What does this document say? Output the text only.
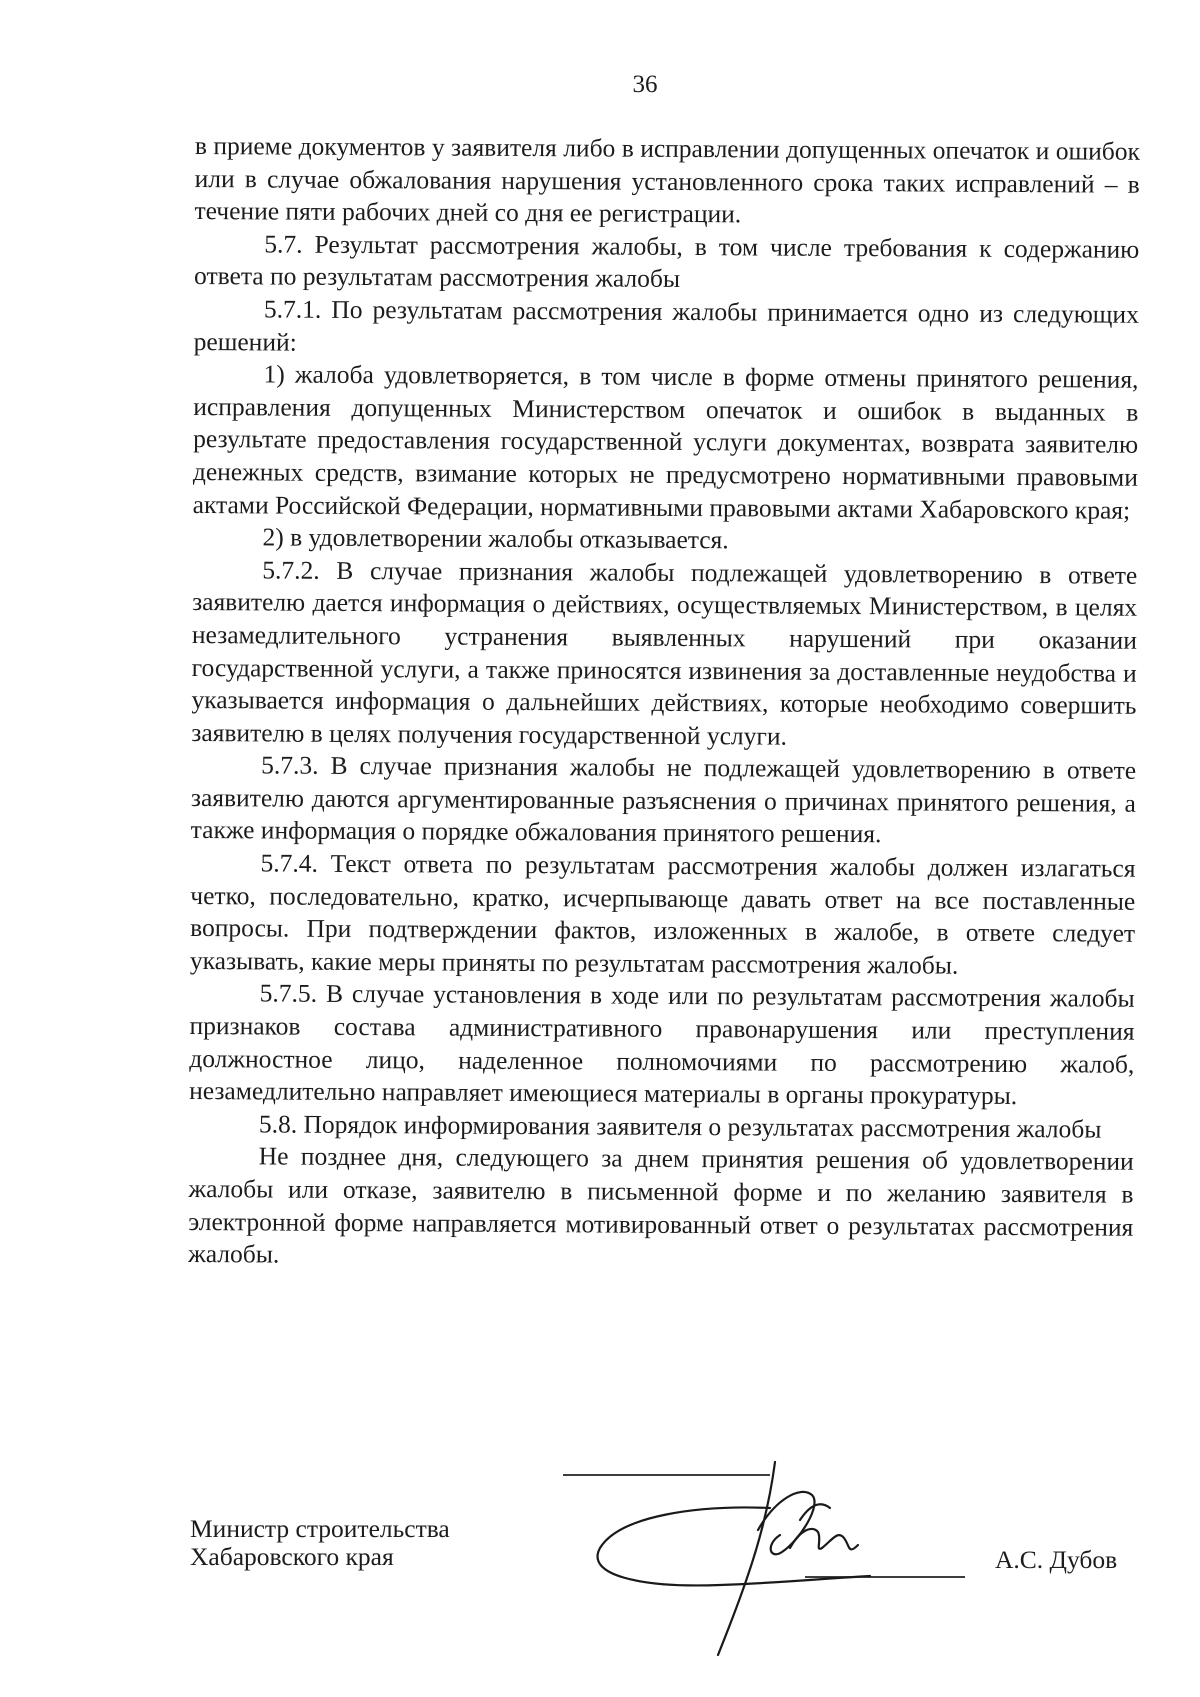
36

в приеме документов у заявителя либо в исправлении допущенных опечаток и ошибок или в случае обжалования нарушения установленного срока таких исправлений – в течение пяти рабочих дней со дня ее регистрации.

5.7. Результат рассмотрения жалобы, в том числе требования к содержанию ответа по результатам рассмотрения жалобы

5.7.1. По результатам рассмотрения жалобы принимается одно из следующих решений:

1) жалоба удовлетворяется, в том числе в форме отмены принятого решения, исправления допущенных Министерством опечаток и ошибок в выданных в результате предоставления государственной услуги документах, возврата заявителю денежных средств, взимание которых не предусмотрено нормативными правовыми актами Российской Федерации, нормативными правовыми актами Хабаровского края;

2) в удовлетворении жалобы отказывается.

5.7.2. В случае признания жалобы подлежащей удовлетворению в ответе заявителю дается информация о действиях, осуществляемых Министерством, в целях незамедлительного устранения выявленных нарушений при оказании государственной услуги, а также приносятся извинения за доставленные неудобства и указывается информация о дальнейших действиях, которые необходимо совершить заявителю в целях получения государственной услуги.

5.7.3. В случае признания жалобы не подлежащей удовлетворению в ответе заявителю даются аргументированные разъяснения о причинах принятого решения, а также информация о порядке обжалования принятого решения.

5.7.4. Текст ответа по результатам рассмотрения жалобы должен излагаться четко, последовательно, кратко, исчерпывающе давать ответ на все поставленные вопросы. При подтверждении фактов, изложенных в жалобе, в ответе следует указывать, какие меры приняты по результатам рассмотрения жалобы.

5.7.5. В случае установления в ходе или по результатам рассмотрения жалобы признаков состава административного правонарушения или преступления должностное лицо, наделенное полномочиями по рассмотрению жалоб, незамедлительно направляет имеющиеся материалы в органы прокуратуры.

5.8. Порядок информирования заявителя о результатах рассмотрения жалобы

Не позднее дня, следующего за днем принятия решения об удовлетворении жалобы или отказе, заявителю в письменной форме и по желанию заявителя в электронной форме направляется мотивированный ответ о результатах рассмотрения жалобы.

Министр строительства
Хабаровского края	А.С. Дубов
